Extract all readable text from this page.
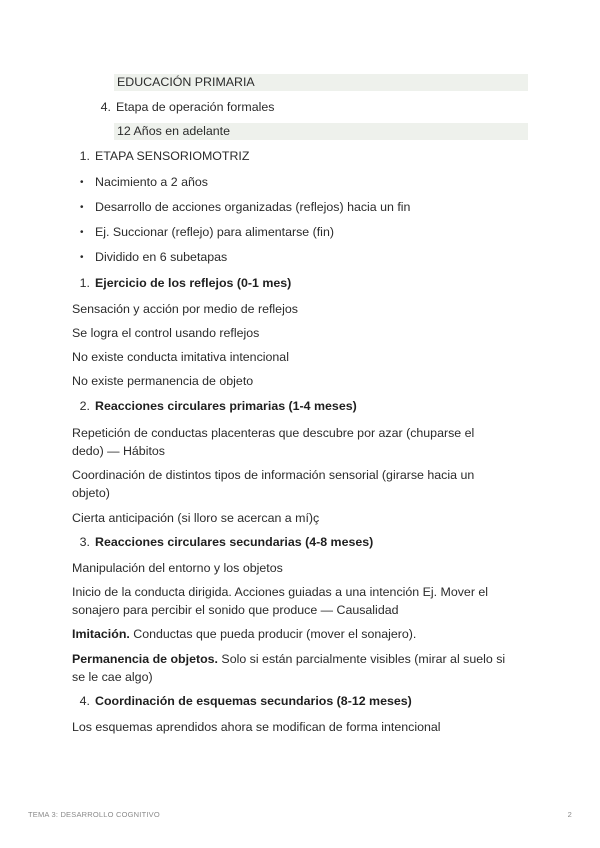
EDUCACIÓN PRIMARIA
4. Etapa de operación formales
12 Años en adelante
1. ETAPA SENSORIOMOTRIZ
• Nacimiento a 2 años
• Desarrollo de acciones organizadas (reflejos) hacia un fin
• Ej. Succionar (reflejo) para alimentarse (fin)
• Dividido en 6 subetapas
1. Ejercicio de los reflejos (0-1 mes)
Sensación y acción por medio de reflejos
Se logra el control usando reflejos
No existe conducta imitativa intencional
No existe permanencia de objeto
2. Reacciones circulares primarias (1-4 meses)
Repetición de conductas placenteras que descubre por azar (chuparse el
dedo) — Hábitos
Coordinación de distintos tipos de información sensorial (girarse hacia un
objeto)
Cierta anticipación (si lloro se acercan a mí)ç
3. Reacciones circulares secundarias (4-8 meses)
Manipulación del entorno y los objetos
Inicio de la conducta dirigida. Acciones guiadas a una intención Ej. Mover el
sonajero para percibir el sonido que produce — Causalidad
Imitación. Conductas que pueda producir (mover el sonajero).
Permanencia de objetos. Solo si están parcialmente visibles (mirar al suelo si
se le cae algo)
4. Coordinación de esquemas secundarios (8-12 meses)
Los esquemas aprendidos ahora se modifican de forma intencional
TEMA 3: DESARROLLO COGNITIVO	2
